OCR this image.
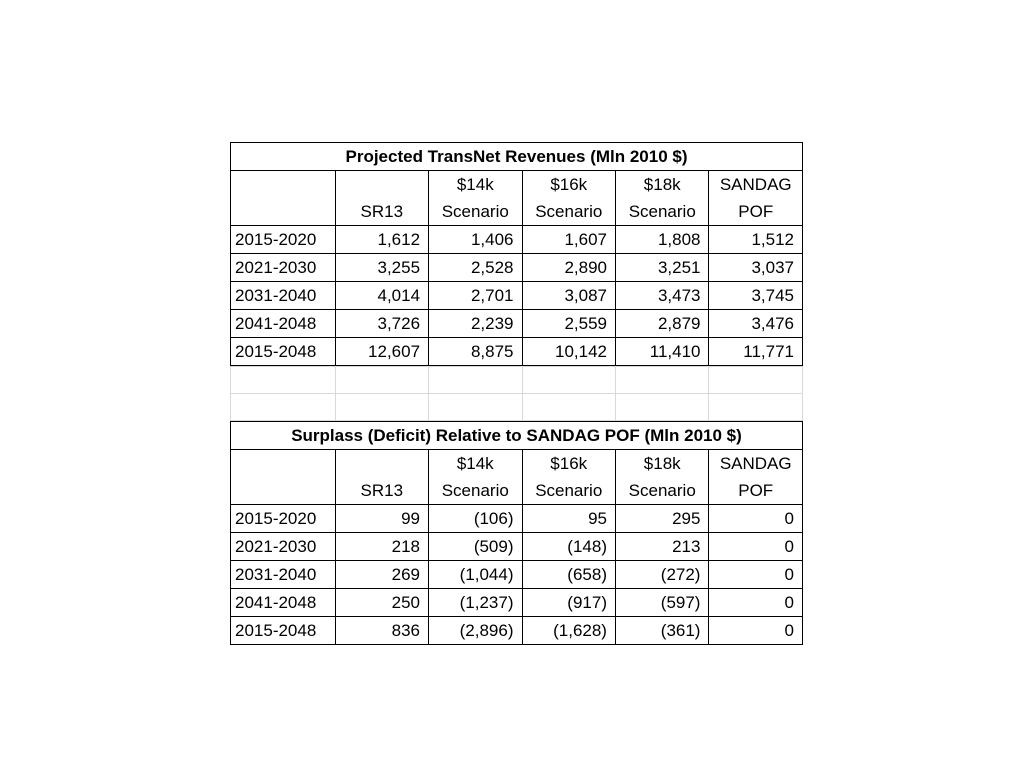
Projected TransNet Revenues (Mln 2010 $)					
		$14k	$16k	$18k	SANDAG
	SR13	Scenario	Scenario	Scenario	POF
2015-2020	1,612	1,406	1,607	1,808	1,512
2021-2030	3,255	2,528	2,890	3,251	3,037
2031-2040	4,014	2,701	3,087	3,473	3,745
2041-2048	3,726	2,239	2,559	2,879	3,476
2015-2048	12,607	8,875	10,142	11,410	11,771

Surplass (Deficit) Relative to SANDAG POF (Mln 2010 $)					
		$14k	$16k	$18k	SANDAG
	SR13	Scenario	Scenario	Scenario	POF
2015-2020	99	(106)	95	295	0
2021-2030	218	(509)	(148)	213	0
2031-2040	269	(1,044)	(658)	(272)	0
2041-2048	250	(1,237)	(917)	(597)	0
2015-2048	836	(2,896)	(1,628)	(361)	0
